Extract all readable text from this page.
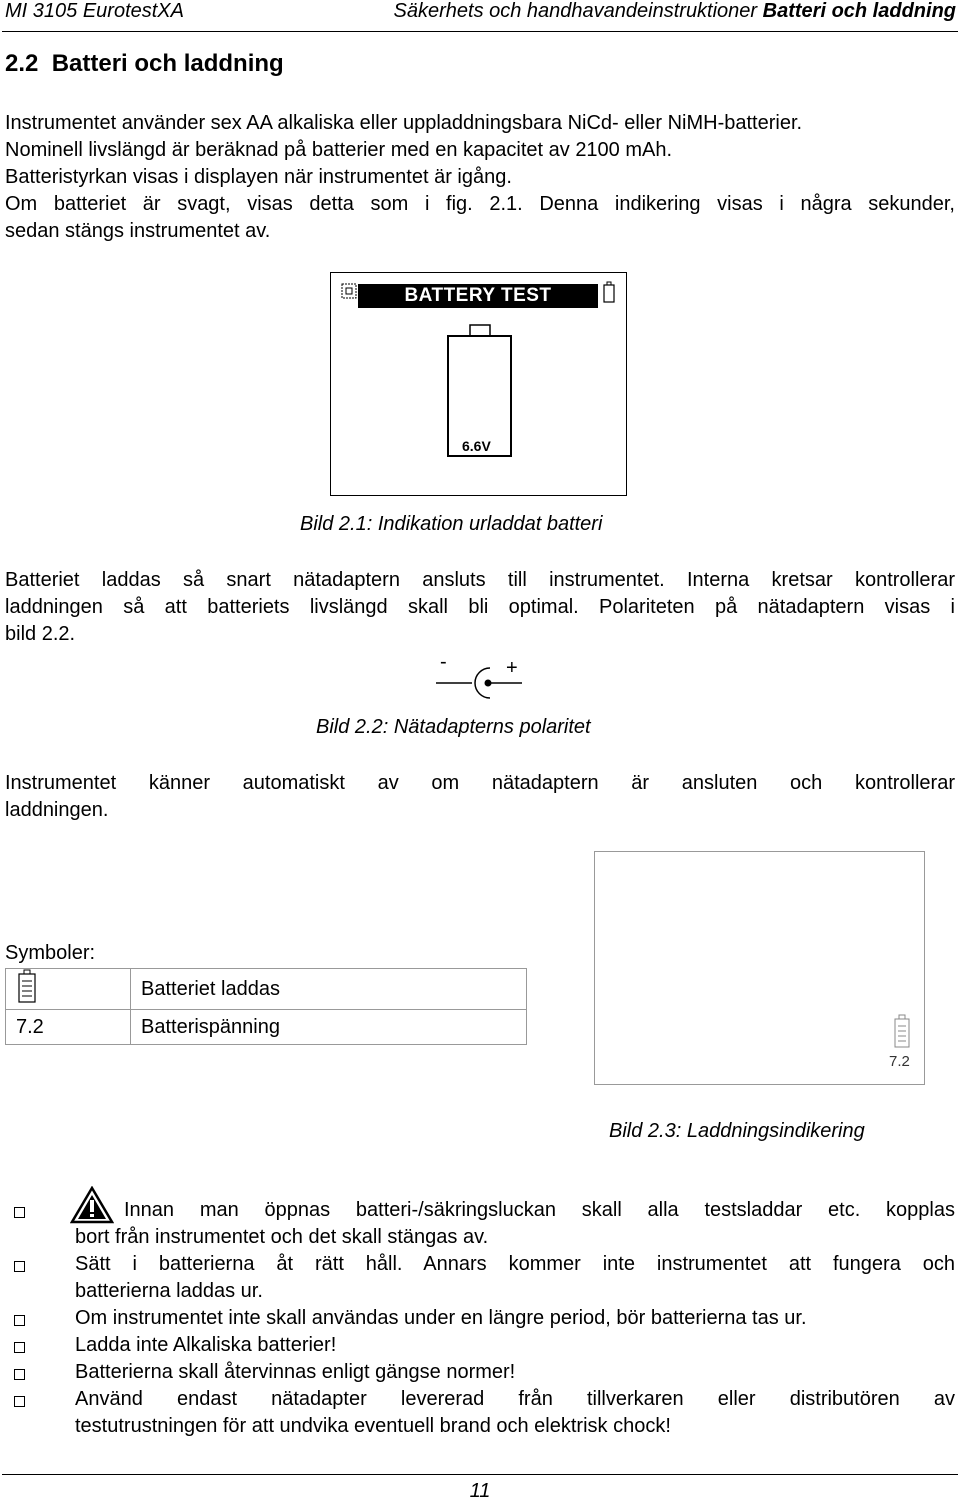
MI 3105 EurotestXA	Säkerhets och handhavandeinstruktioner Batteri och laddning
2.2  Batteri och laddning
Instrumentet använder sex AA alkaliska eller uppladdningsbara NiCd- eller NiMH-batterier.
Nominell livslängd är beräknad på batterier med en kapacitet av 2100 mAh.
Batteristyrkan visas i displayen när instrumentet är igång.
Om batteriet är svagt, visas detta som i fig. 2.1. Denna indikering visas i några sekunder,
sedan stängs instrumentet av.
BATTERY TEST
6.6V
Bild 2.1: Indikation urladdat batteri
Batteriet laddas så snart nätadaptern ansluts till instrumentet. Interna kretsar kontrollerar
laddningen så att batteriets livslängd skall bli optimal. Polariteten på nätadaptern visas i
bild 2.2.
-	+
Bild 2.2: Nätadapterns polaritet
Instrumentet känner automatiskt av om nätadaptern är ansluten och kontrollerar
laddningen.
Symboler:
	Batteriet laddas
7.2	Batterispänning
7.2
Bild 2.3: Laddningsindikering
Innan man öppnas batteri-/säkringsluckan skall alla testsladdar etc. kopplas
bort från instrumentet och det skall stängas av.
Sätt i batterierna åt rätt håll. Annars kommer inte instrumentet att fungera och
batterierna laddas ur.
Om instrumentet inte skall användas under en längre period, bör batterierna tas ur.
Ladda inte Alkaliska batterier!
Batterierna skall återvinnas enligt gängse normer!
Använd endast nätadapter levererad från tillverkaren eller distributören av
testutrustningen för att undvika eventuell brand och elektrisk chock!
11
